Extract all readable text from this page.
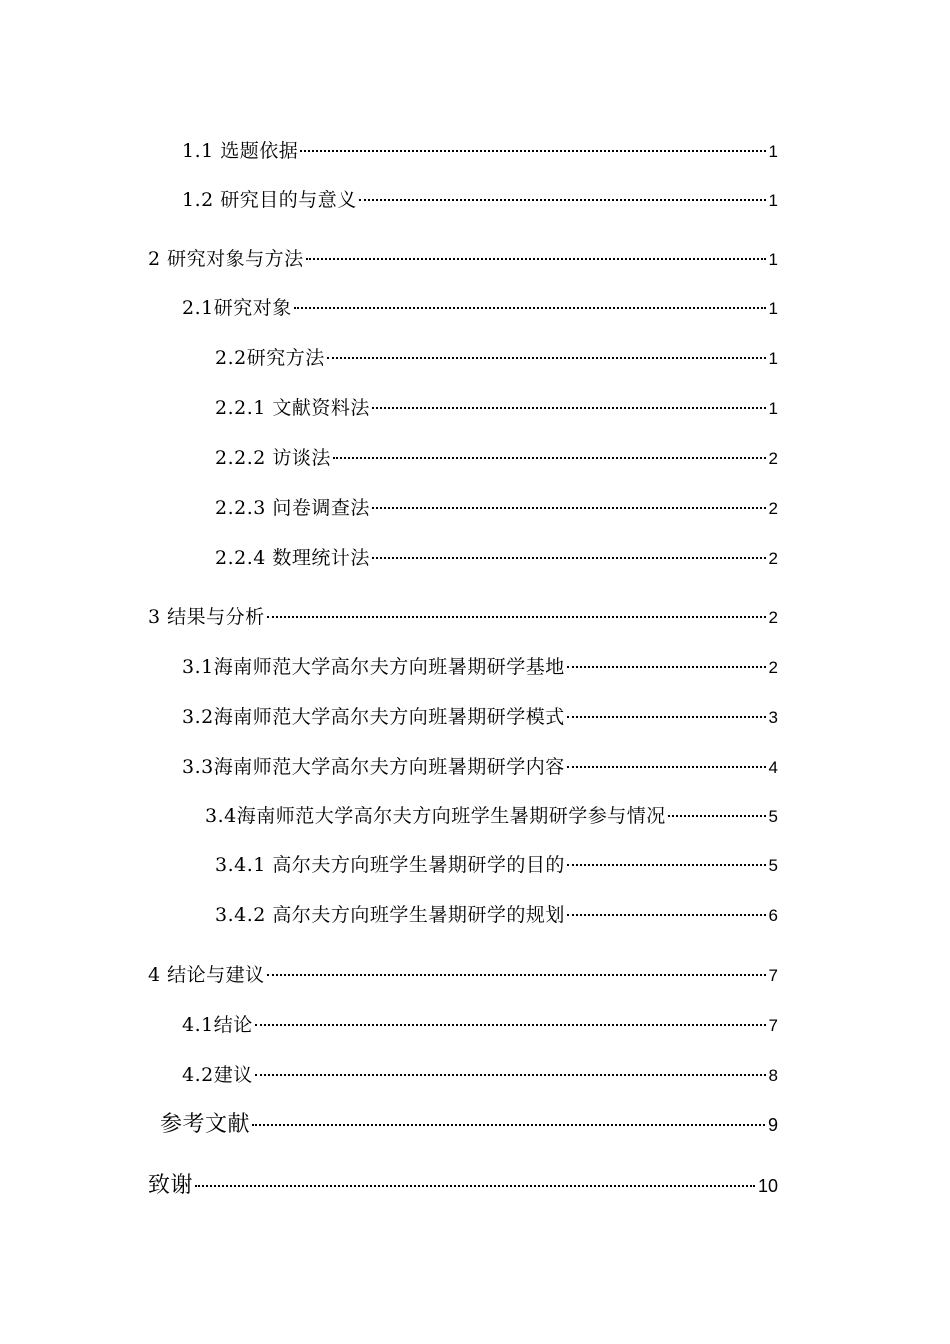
1.1 选题依据	1
1.2 研究目的与意义	1
2 研究对象与方法	1
2.1研究对象	1
2.2研究方法	1
2.2.1 文献资料法	1
2.2.2 访谈法	2
2.2.3 问卷调查法	2
2.2.4 数理统计法	2
3 结果与分析	2
3.1海南师范大学高尔夫方向班暑期研学基地	2
3.2海南师范大学高尔夫方向班暑期研学模式	3
3.3海南师范大学高尔夫方向班暑期研学内容	4
3.4海南师范大学高尔夫方向班学生暑期研学参与情况	5
3.4.1 高尔夫方向班学生暑期研学的目的	5
3.4.2 高尔夫方向班学生暑期研学的规划	6
4 结论与建议	7
4.1结论	7
4.2建议	8
参考文献	9
致谢	10
